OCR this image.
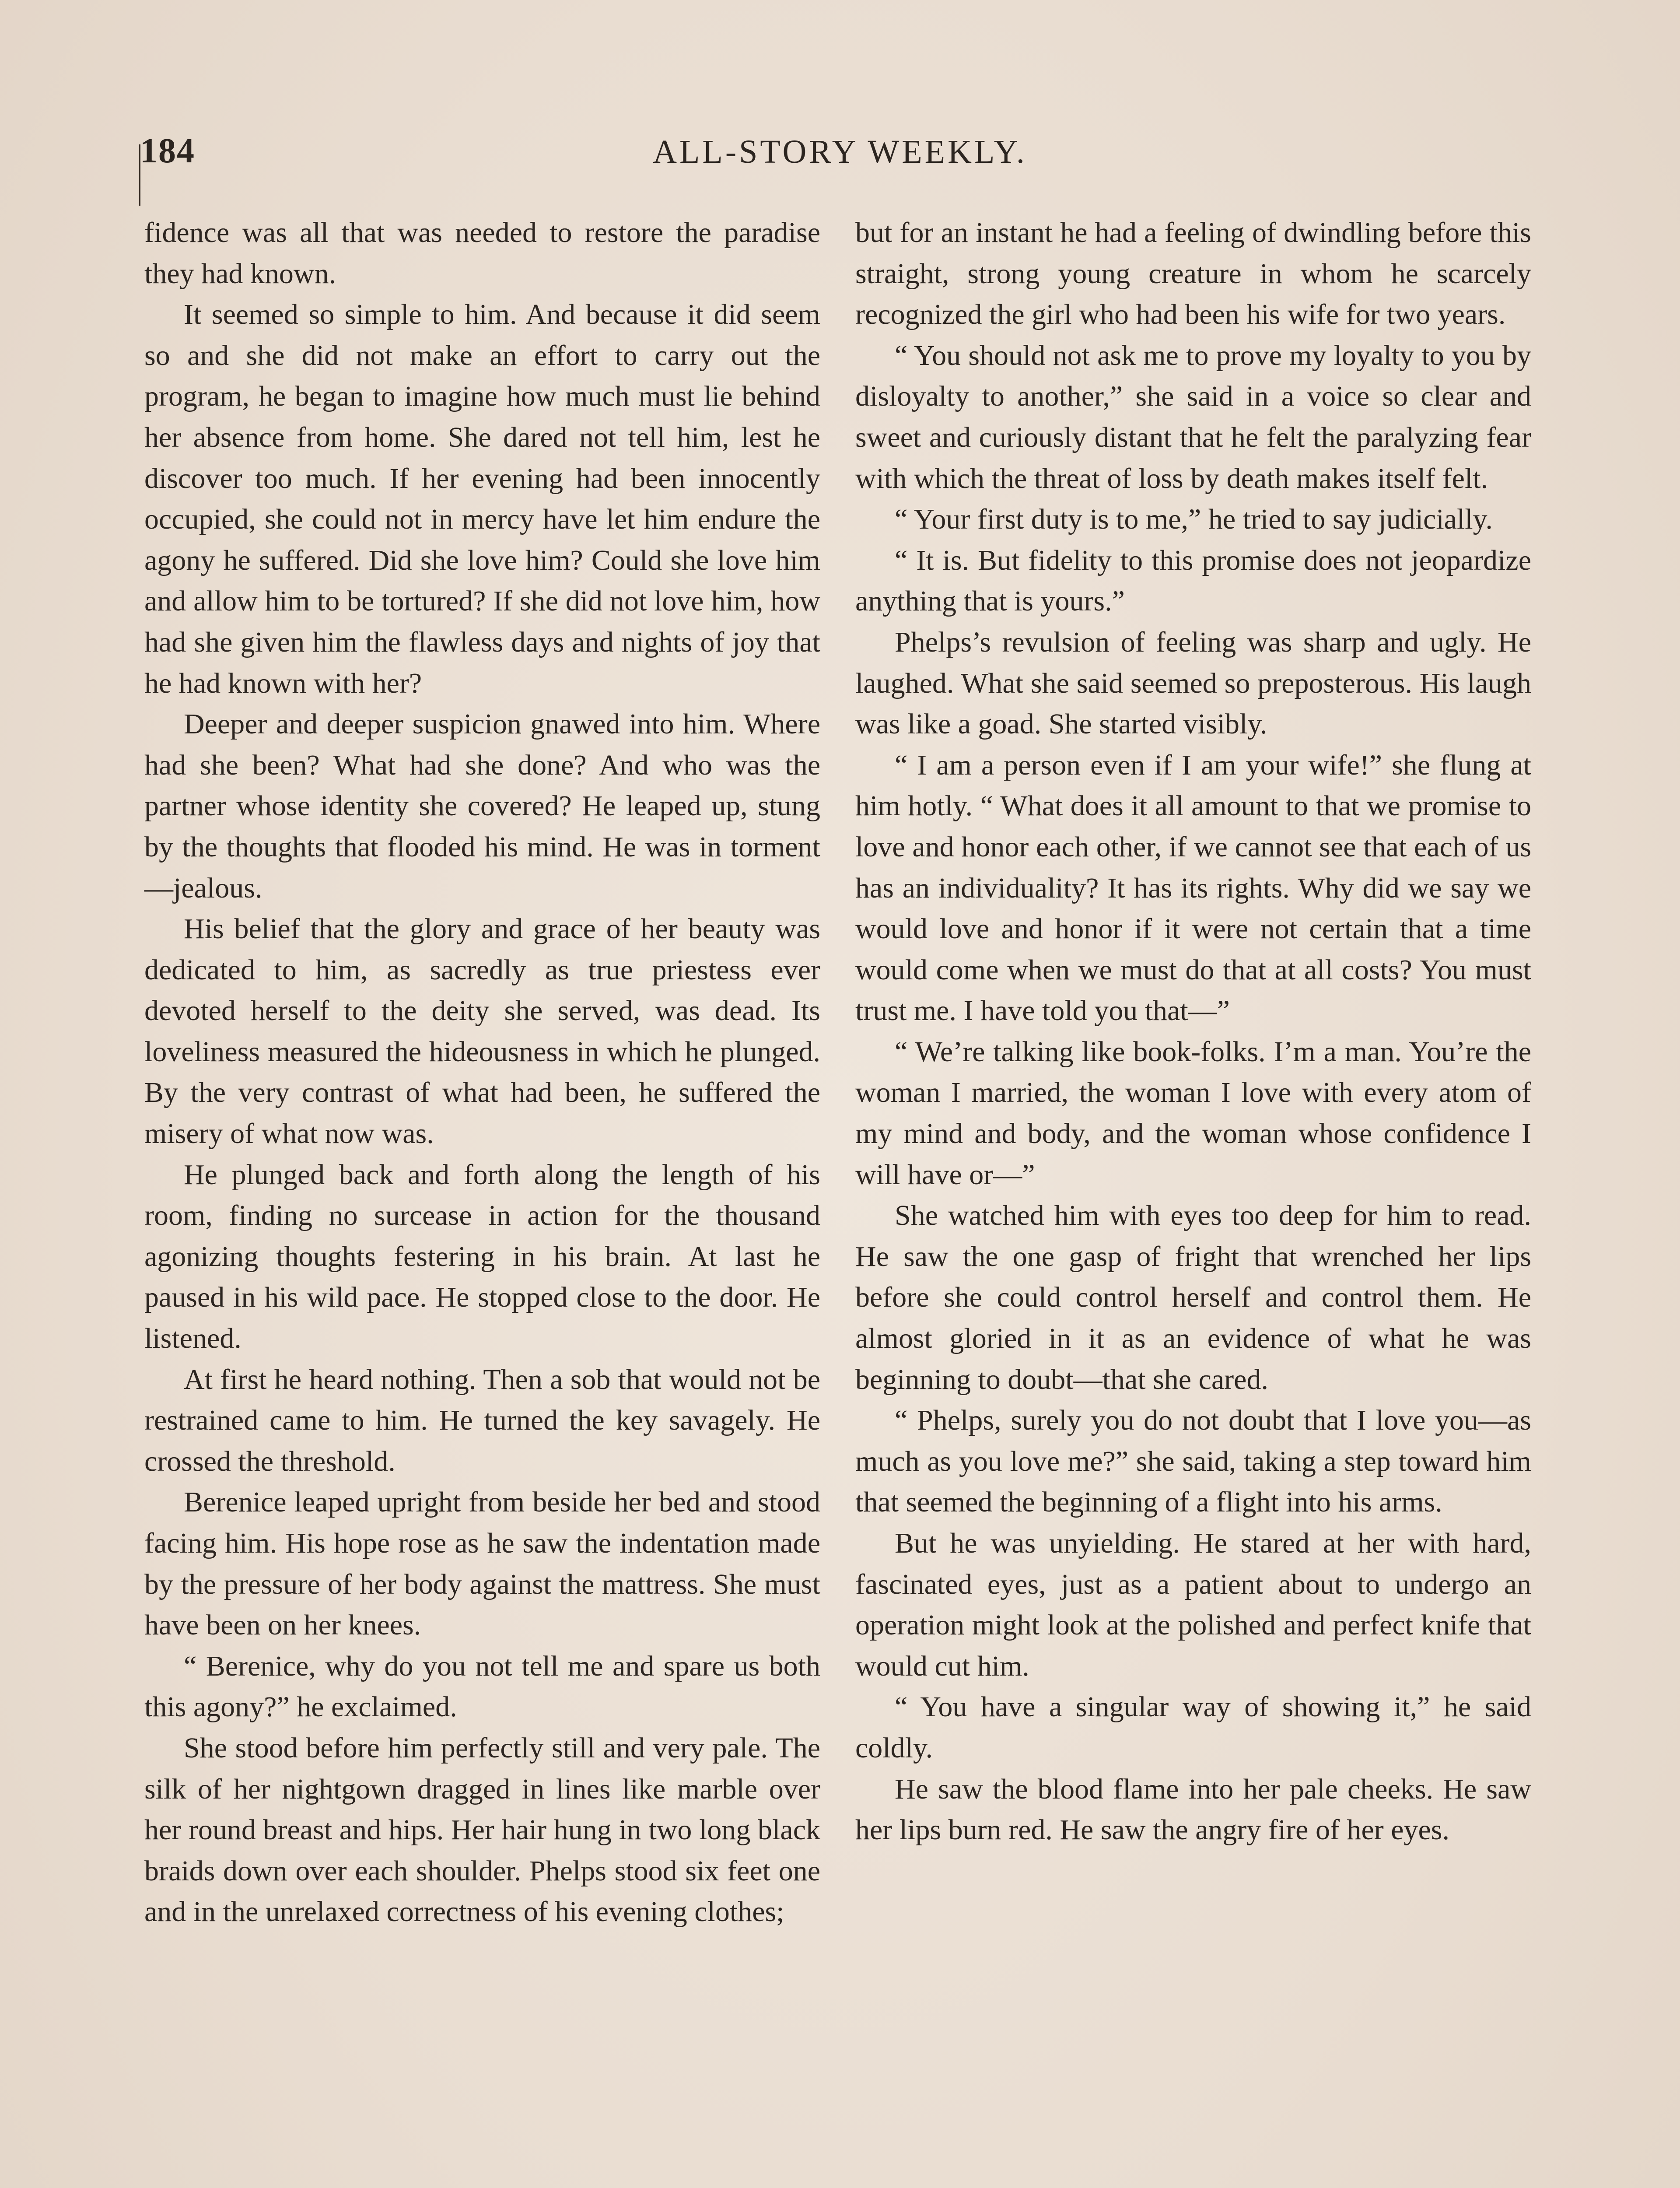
184	ALL-STORY WEEKLY.

fidence was all that was needed to restore the paradise they had known.

It seemed so simple to him. And because it did seem so and she did not make an effort to carry out the program, he began to imagine how much must lie behind her absence from home. She dared not tell him, lest he discover too much. If her evening had been innocently occupied, she could not in mercy have let him endure the agony he suffered. Did she love him? Could she love him and allow him to be tortured? If she did not love him, how had she given him the flawless days and nights of joy that he had known with her?

Deeper and deeper suspicion gnawed into him. Where had she been? What had she done? And who was the partner whose identity she covered? He leaped up, stung by the thoughts that flooded his mind. He was in torment—jealous.

His belief that the glory and grace of her beauty was dedicated to him, as sacredly as true priestess ever devoted herself to the deity she served, was dead. Its loveliness measured the hideousness in which he plunged. By the very contrast of what had been, he suffered the misery of what now was.

He plunged back and forth along the length of his room, finding no surcease in action for the thousand agonizing thoughts festering in his brain. At last he paused in his wild pace. He stopped close to the door. He listened.

At first he heard nothing. Then a sob that would not be restrained came to him. He turned the key savagely. He crossed the threshold.

Berenice leaped upright from beside her bed and stood facing him. His hope rose as he saw the indentation made by the pressure of her body against the mattress. She must have been on her knees.

“ Berenice, why do you not tell me and spare us both this agony?” he exclaimed.

She stood before him perfectly still and very pale. The silk of her nightgown dragged in lines like marble over her round breast and hips. Her hair hung in two long black braids down over each shoulder. Phelps stood six feet one and in the unrelaxed correctness of his evening clothes;

but for an instant he had a feeling of dwindling before this straight, strong young creature in whom he scarcely recognized the girl who had been his wife for two years.

“ You should not ask me to prove my loyalty to you by disloyalty to another,” she said in a voice so clear and sweet and curiously distant that he felt the paralyzing fear with which the threat of loss by death makes itself felt.

“ Your first duty is to me,” he tried to say judicially.

“ It is. But fidelity to this promise does not jeopardize anything that is yours.”

Phelps’s revulsion of feeling was sharp and ugly. He laughed. What she said seemed so preposterous. His laugh was like a goad. She started visibly.

“ I am a person even if I am your wife!” she flung at him hotly. “ What does it all amount to that we promise to love and honor each other, if we cannot see that each of us has an individuality? It has its rights. Why did we say we would love and honor if it were not certain that a time would come when we must do that at all costs? You must trust me. I have told you that—”

“ We’re talking like book-folks. I’m a man. You’re the woman I married, the woman I love with every atom of my mind and body, and the woman whose confidence I will have or—”

She watched him with eyes too deep for him to read. He saw the one gasp of fright that wrenched her lips before she could control herself and control them. He almost gloried in it as an evidence of what he was beginning to doubt—that she cared.

“ Phelps, surely you do not doubt that I love you—as much as you love me?” she said, taking a step toward him that seemed the beginning of a flight into his arms.

But he was unyielding. He stared at her with hard, fascinated eyes, just as a patient about to undergo an operation might look at the polished and perfect knife that would cut him.

“ You have a singular way of showing it,” he said coldly.

He saw the blood flame into her pale cheeks. He saw her lips burn red. He saw the angry fire of her eyes.
